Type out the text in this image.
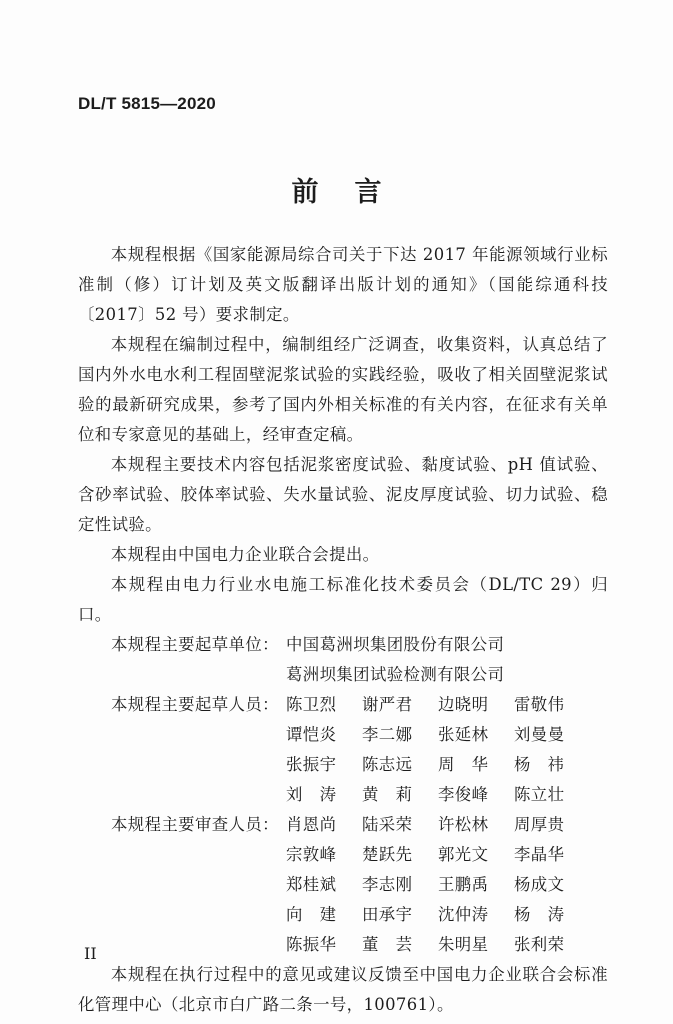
DL/T 5815—2020
前 言

本规程根据《国家能源局综合司关于下达 2017 年能源领域行业标准制（修）订计划及英文版翻译出版计划的通知》（国能综通科技〔2017〕52 号）要求制定。

本规程在编制过程中，编制组经广泛调查，收集资料，认真总结了国内外水电水利工程固壁泥浆试验的实践经验，吸收了相关固壁泥浆试验的最新研究成果，参考了国内外相关标准的有关内容，在征求有关单位和专家意见的基础上，经审查定稿。

本规程主要技术内容包括泥浆密度试验、黏度试验、pH 值试验、含砂率试验、胶体率试验、失水量试验、泥皮厚度试验、切力试验、稳定性试验。

本规程由中国电力企业联合会提出。

本规程由电力行业水电施工标准化技术委员会（DL/TC 29）归口。

本规程主要起草单位： 中国葛洲坝集团股份有限公司
葛洲坝集团试验检测有限公司
本规程主要起草人员： 陈卫烈	谢严君	边晓明	雷敬伟
谭恺炎	李二娜	张延林	刘曼曼
张振宇	陈志远	周　华	杨　祎
刘　涛	黄　莉	李俊峰	陈立壮
本规程主要审查人员： 肖恩尚	陆采荣	许松林	周厚贵
宗敦峰	楚跃先	郭光文	李晶华
郑桂斌	李志刚	王鹏禹	杨成文
向　建	田承宇	沈仲涛	杨　涛
陈振华	董　芸	朱明星	张利荣

本规程在执行过程中的意见或建议反馈至中国电力企业联合会标准化管理中心（北京市白广路二条一号，100761）。

II
